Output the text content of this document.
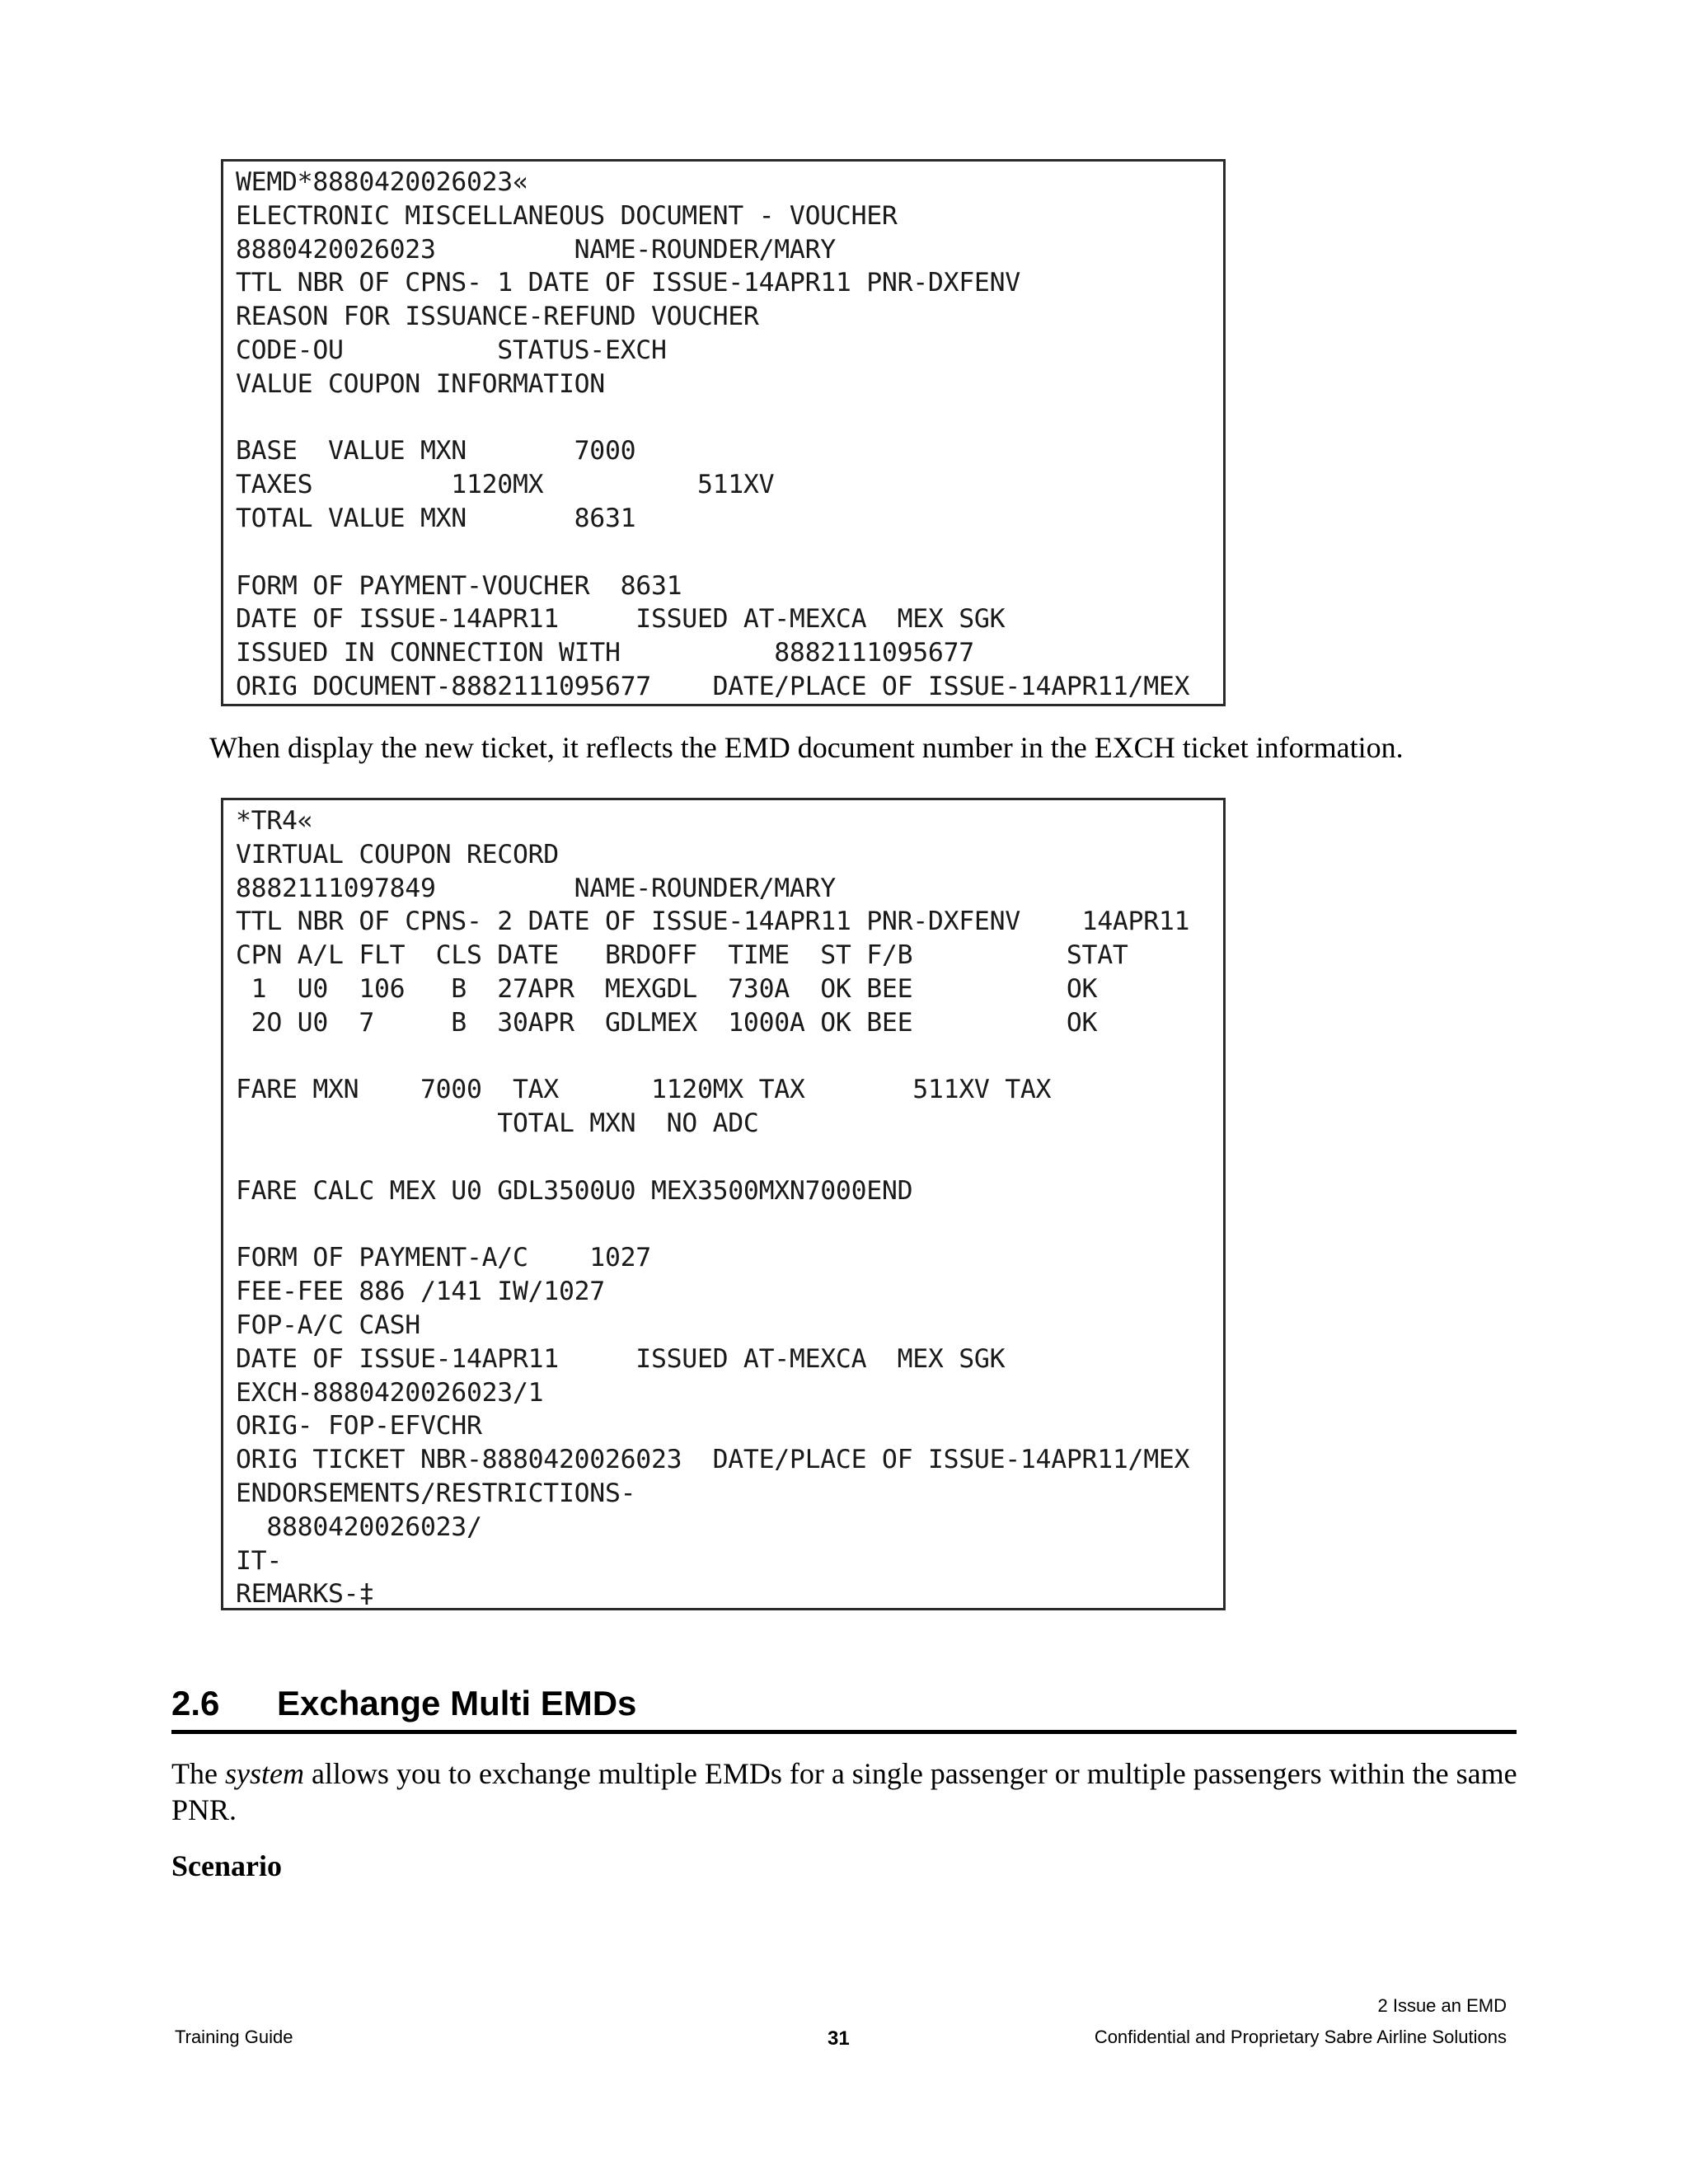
WEMD*8880420026023«
ELECTRONIC MISCELLANEOUS DOCUMENT - VOUCHER
8880420026023         NAME-ROUNDER/MARY
TTL NBR OF CPNS- 1 DATE OF ISSUE-14APR11 PNR-DXFENV
REASON FOR ISSUANCE-REFUND VOUCHER
CODE-OU          STATUS-EXCH
VALUE COUPON INFORMATION
BASE  VALUE MXN       7000
TAXES         1120MX          511XV
TOTAL VALUE MXN       8631
FORM OF PAYMENT-VOUCHER  8631
DATE OF ISSUE-14APR11     ISSUED AT-MEXCA  MEX SGK
ISSUED IN CONNECTION WITH          8882111095677
ORIG DOCUMENT-8882111095677    DATE/PLACE OF ISSUE-14APR11/MEX
When display the new ticket, it reflects the EMD document number in the EXCH ticket information.
*TR4«
VIRTUAL COUPON RECORD
8882111097849         NAME-ROUNDER/MARY
TTL NBR OF CPNS- 2 DATE OF ISSUE-14APR11 PNR-DXFENV    14APR11
CPN A/L FLT  CLS DATE   BRDOFF  TIME  ST F/B          STAT
1  U0  106   B  27APR  MEXGDL  730A  OK BEE          OK
2O U0  7     B  30APR  GDLMEX  1000A OK BEE          OK
FARE MXN    7000  TAX      1120MX TAX       511XV TAX
TOTAL MXN  NO ADC
FARE CALC MEX U0 GDL3500U0 MEX3500MXN7000END
FORM OF PAYMENT-A/C    1027
FEE-FEE 886 /141 IW/1027
FOP-A/C CASH
DATE OF ISSUE-14APR11     ISSUED AT-MEXCA  MEX SGK
EXCH-8880420026023/1
ORIG- FOP-EFVCHR
ORIG TICKET NBR-8880420026023  DATE/PLACE OF ISSUE-14APR11/MEX
ENDORSEMENTS/RESTRICTIONS-
8880420026023/
IT-
REMARKS-‡
2.6 Exchange Multi EMDs
The system allows you to exchange multiple EMDs for a single passenger or multiple passengers within the same PNR.
Scenario
2 Issue an EMD
Training Guide	31	Confidential and Proprietary Sabre Airline Solutions
